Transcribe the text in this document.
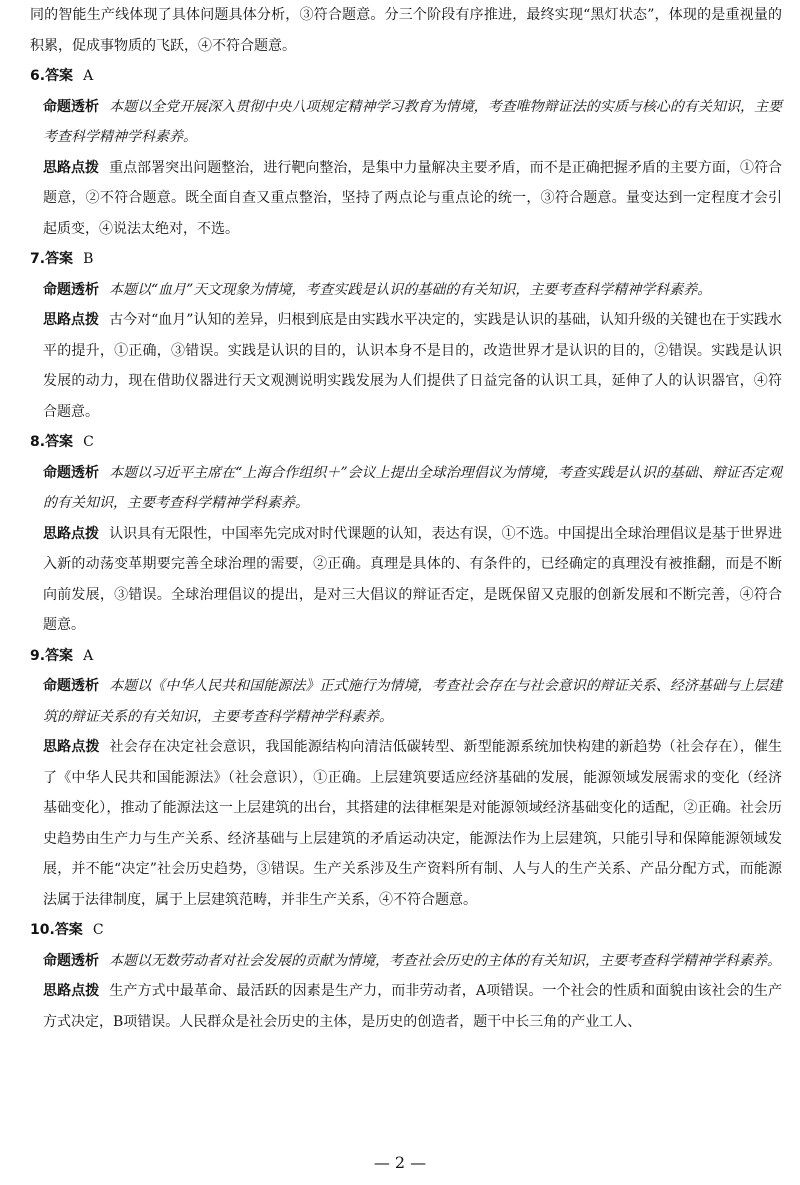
同的智能生产线体现了具体问题具体分析，③符合题意。分三个阶段有序推进，最终实现“黑灯状态”，体现的是重视量的积累，促成事物质的飞跃，④不符合题意。

6.答案 A

命题透析 本题以全党开展深入贯彻中央八项规定精神学习教育为情境，考查唯物辩证法的实质与核心的有关知识，主要考查科学精神学科素养。

思路点拨 重点部署突出问题整治，进行靶向整治，是集中力量解决主要矛盾，而不是正确把握矛盾的主要方面，①符合题意，②不符合题意。既全面自查又重点整治，坚持了两点论与重点论的统一，③符合题意。量变达到一定程度才会引起质变，④说法太绝对，不选。

7.答案 B

命题透析 本题以“血月”天文现象为情境，考查实践是认识的基础的有关知识，主要考查科学精神学科素养。

思路点拨 古今对“血月”认知的差异，归根到底是由实践水平决定的，实践是认识的基础，认知升级的关键也在于实践水平的提升，①正确，③错误。实践是认识的目的，认识本身不是目的，改造世界才是认识的目的，②错误。实践是认识发展的动力，现在借助仪器进行天文观测说明实践发展为人们提供了日益完备的认识工具，延伸了人的认识器官，④符合题意。

8.答案 C

命题透析 本题以习近平主席在“上海合作组织＋”会议上提出全球治理倡议为情境，考查实践是认识的基础、辩证否定观的有关知识，主要考查科学精神学科素养。

思路点拨 认识具有无限性，中国率先完成对时代课题的认知，表达有误，①不选。中国提出全球治理倡议是基于世界进入新的动荡变革期要完善全球治理的需要，②正确。真理是具体的、有条件的，已经确定的真理没有被推翻，而是不断向前发展，③错误。全球治理倡议的提出，是对三大倡议的辩证否定，是既保留又克服的创新发展和不断完善，④符合题意。

9.答案 A

命题透析 本题以《中华人民共和国能源法》正式施行为情境，考查社会存在与社会意识的辩证关系、经济基础与上层建筑的辩证关系的有关知识，主要考查科学精神学科素养。

思路点拨 社会存在决定社会意识，我国能源结构向清洁低碳转型、新型能源系统加快构建的新趋势（社会存在），催生了《中华人民共和国能源法》（社会意识），①正确。上层建筑要适应经济基础的发展，能源领域发展需求的变化（经济基础变化），推动了能源法这一上层建筑的出台，其搭建的法律框架是对能源领域经济基础变化的适配，②正确。社会历史趋势由生产力与生产关系、经济基础与上层建筑的矛盾运动决定，能源法作为上层建筑，只能引导和保障能源领域发展，并不能“决定”社会历史趋势，③错误。生产关系涉及生产资料所有制、人与人的生产关系、产品分配方式，而能源法属于法律制度，属于上层建筑范畴，并非生产关系，④不符合题意。

10.答案 C

命题透析 本题以无数劳动者对社会发展的贡献为情境，考查社会历史的主体的有关知识，主要考查科学精神学科素养。

思路点拨 生产方式中最革命、最活跃的因素是生产力，而非劳动者，A项错误。一个社会的性质和面貌由该社会的生产方式决定，B项错误。人民群众是社会历史的主体，是历史的创造者，题干中长三角的产业工人、

— 2 —
